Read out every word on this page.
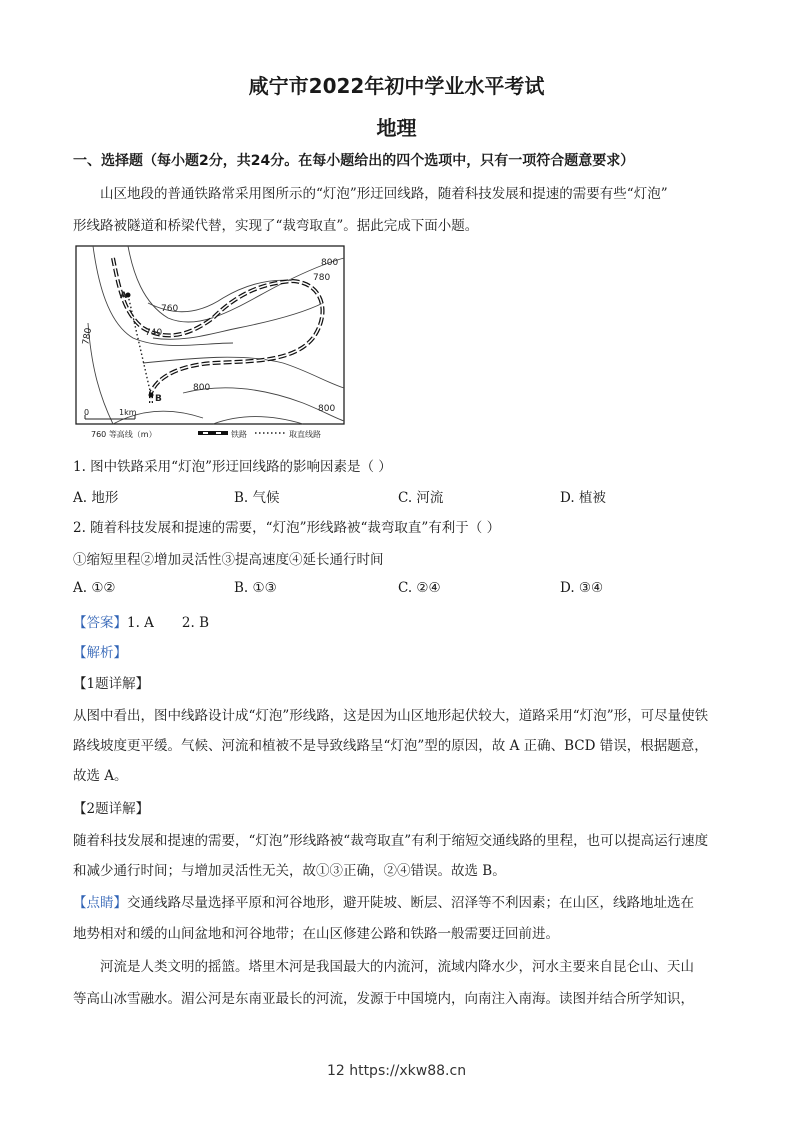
咸宁市2022年初中学业水平考试
地理
一、选择题（每小题2分，共24分。在每小题给出的四个选项中，只有一项符合题意要求）
山区地段的普通铁路常采用图所示的“灯泡”形迂回线路，随着科技发展和提速的需要有些“灯泡”
形线路被隧道和桥梁代替，实现了“裁弯取直”。据此完成下面小题。
800
780
760
740
780
800
800
A
B
0	1km
760 等高线（m）	铁路	取直线路
1. 图中铁路采用“灯泡”形迂回线路的影响因素是（ ）
A. 地形	B. 气候	C. 河流	D. 植被
2. 随着科技发展和提速的需要，“灯泡”形线路被“裁弯取直”有利于（ ）
①缩短里程②增加灵活性③提高速度④延长通行时间
A. ①②	B. ①③	C. ②④	D. ③④
【答案】1. A 2. B
【解析】
【1题详解】
从图中看出，图中线路设计成“灯泡”形线路，这是因为山区地形起伏较大，道路采用“灯泡”形，可尽量使铁
路线坡度更平缓。气候、河流和植被不是导致线路呈“灯泡”型的原因，故 A 正确、BCD 错误，根据题意，
故选 A。
【2题详解】
随着科技发展和提速的需要，“灯泡”形线路被“裁弯取直”有利于缩短交通线路的里程，也可以提高运行速度
和减少通行时间；与增加灵活性无关，故①③正确，②④错误。故选 B。
【点睛】交通线路尽量选择平原和河谷地形，避开陡坡、断层、沼泽等不利因素；在山区，线路地址选在
地势相对和缓的山间盆地和河谷地带；在山区修建公路和铁路一般需要迂回前进。
河流是人类文明的摇篮。塔里木河是我国最大的内流河，流域内降水少，河水主要来自昆仑山、天山
等高山冰雪融水。湄公河是东南亚最长的河流，发源于中国境内，向南注入南海。读图并结合所学知识，
12 https://xkw88.cn
